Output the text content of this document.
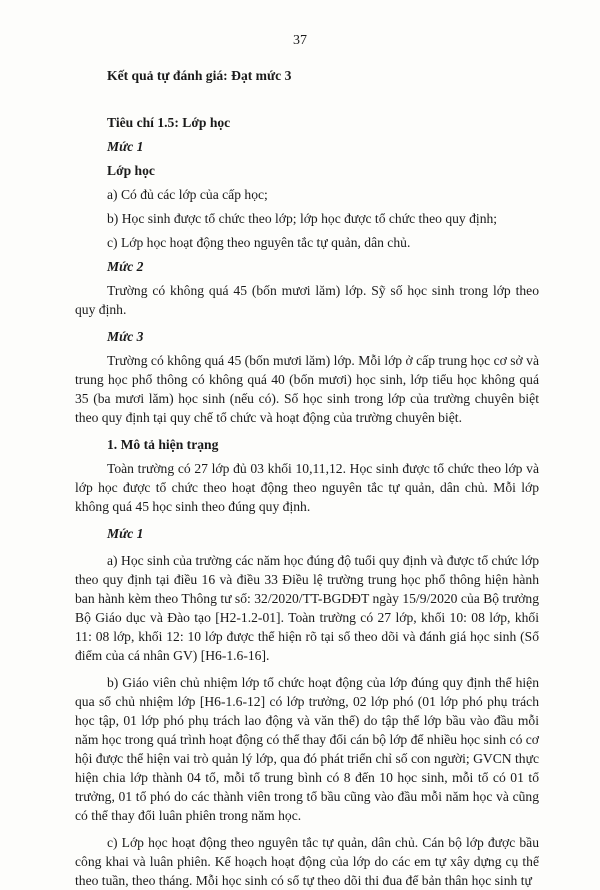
37

Kết quả tự đánh giá: Đạt mức 3

Tiêu chí 1.5: Lớp học

Mức 1

Lớp học

a) Có đủ các lớp của cấp học;

b) Học sinh được tổ chức theo lớp; lớp học được tổ chức theo quy định;

c) Lớp học hoạt động theo nguyên tắc tự quản, dân chủ.

Mức 2

Trường có không quá 45 (bốn mươi lăm) lớp. Sỹ số học sinh trong lớp theo quy định.

Mức 3

Trường có không quá 45 (bốn mươi lăm) lớp. Mỗi lớp ở cấp trung học cơ sở và trung học phổ thông có không quá 40 (bốn mươi) học sinh, lớp tiểu học không quá 35 (ba mươi lăm) học sinh (nếu có). Số học sinh trong lớp của trường chuyên biệt theo quy định tại quy chế tổ chức và hoạt động của trường chuyên biệt.

1. Mô tả hiện trạng

Toàn trường có 27 lớp đủ 03 khối 10,11,12. Học sinh được tổ chức theo lớp và lớp học được tổ chức theo hoạt động theo nguyên tắc tự quản, dân chủ. Mỗi lớp không quá 45 học sinh theo đúng quy định.

Mức 1

a) Học sinh của trường các năm học đúng độ tuổi quy định và được tổ chức lớp theo quy định tại điều 16 và điều 33 Điều lệ trường trung học phổ thông hiện hành ban hành kèm theo Thông tư số: 32/2020/TT-BGDĐT ngày 15/9/2020 của Bộ trưởng Bộ Giáo dục và Đào tạo [H2-1.2-01]. Toàn trường có 27 lớp, khối 10: 08 lớp, khối 11: 08 lớp, khối 12: 10 lớp được thể hiện rõ tại sổ theo dõi và đánh giá học sinh (Sổ điểm của cá nhân GV) [H6-1.6-16].

b) Giáo viên chủ nhiệm lớp tổ chức hoạt động của lớp đúng quy định thể hiện qua sổ chủ nhiệm lớp [H6-1.6-12] có lớp trưởng, 02 lớp phó (01 lớp phó phụ trách học tập, 01 lớp phó phụ trách lao động và văn thể) do tập thể lớp bầu vào đầu mỗi năm học trong quá trình hoạt động có thể thay đổi cán bộ lớp để nhiều học sinh có cơ hội được thể hiện vai trò quản lý lớp, qua đó phát triển chỉ số con người; GVCN thực hiện chia lớp thành 04 tổ, mỗi tổ trung bình có 8 đến 10 học sinh, mỗi tổ có 01 tổ trưởng, 01 tổ phó do các thành viên trong tổ bầu cũng vào đầu mỗi năm học và cũng có thể thay đổi luân phiên trong năm học.

c) Lớp học hoạt động theo nguyên tắc tự quản, dân chủ. Cán bộ lớp được bầu công khai và luân phiên. Kế hoạch hoạt động của lớp do các em tự xây dựng cụ thể theo tuần, theo tháng. Mỗi học sinh có sổ tự theo dõi thi đua để bản thân học sinh tự
